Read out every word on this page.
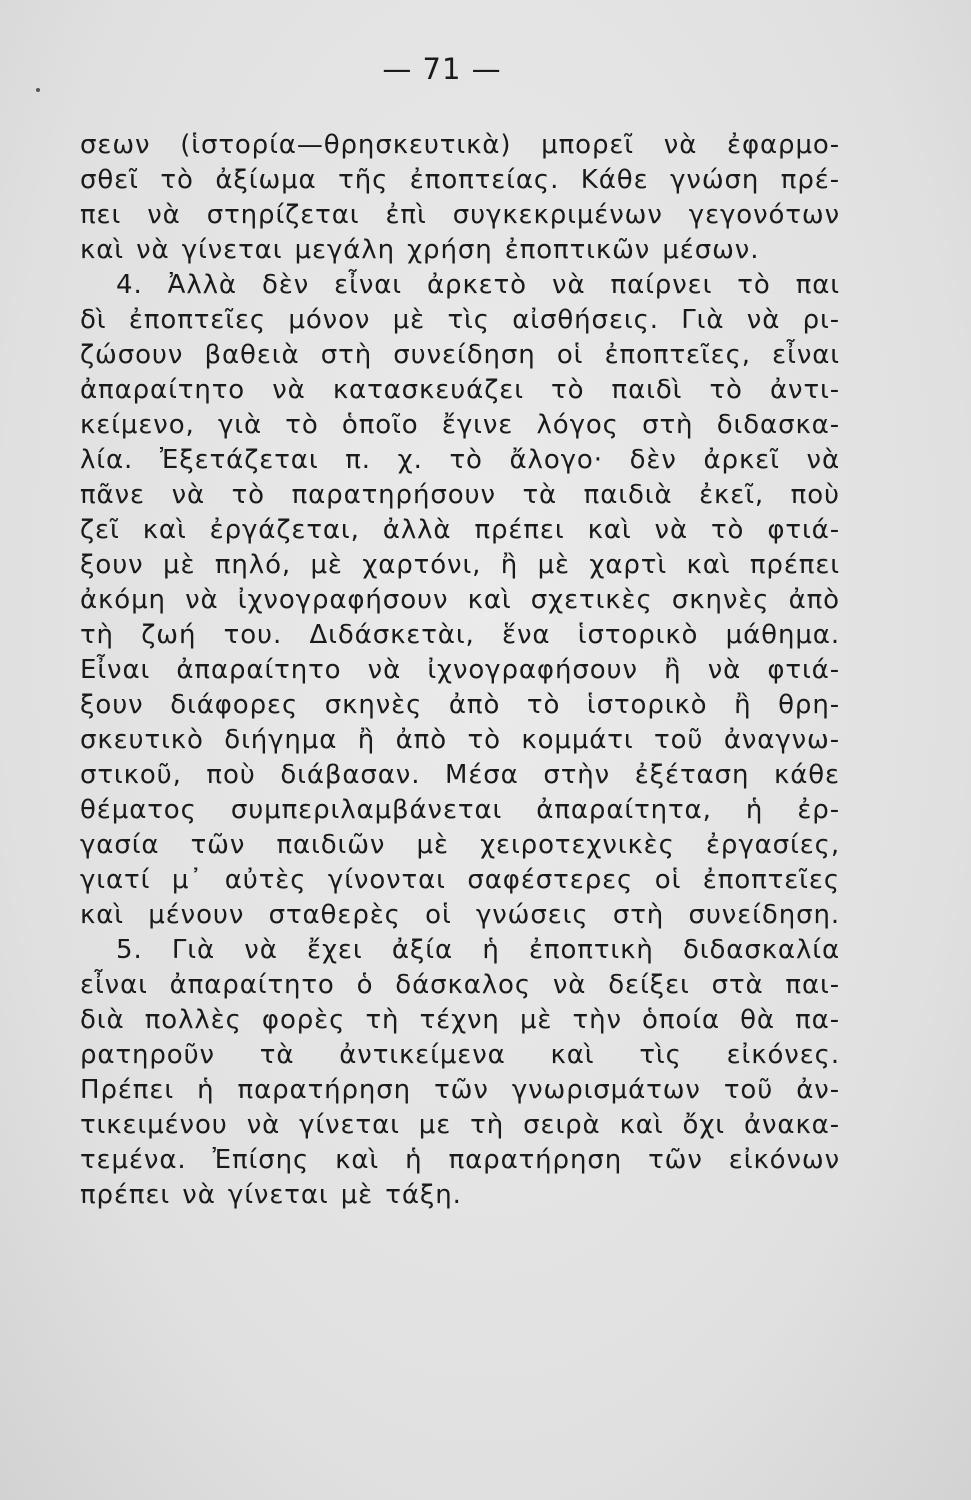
— 71 —
σεων (ἱστορία—θρησκευτικὰ) μπορεῖ νὰ ἐφαρμο-
σθεῖ τὸ ἀξίωμα τῆς ἐποπτείας. Κάθε γνώση πρέ-
πει νὰ στηρίζεται ἐπὶ συγκεκριμένων γεγονότων
καὶ νὰ γίνεται μεγάλη χρήση ἐποπτικῶν μέσων.
4. Ἀλλὰ δὲν εἶναι ἀρκετὸ νὰ παίρνει τὸ παι
δὶ ἐποπτεῖες μόνον μὲ τὶς αἰσθήσεις. Γιὰ νὰ ρι-
ζώσουν βαθειὰ στὴ συνείδηση οἱ ἐποπτεῖες, εἶναι
ἀπαραίτητο νὰ κατασκευάζει τὸ παιδὶ τὸ ἀντι-
κείμενο, γιὰ τὸ ὁποῖο ἔγινε λόγος στὴ διδασκα-
λία. Ἐξετάζεται π. χ. τὸ ἄλογο· δὲν ἀρκεῖ νὰ
πᾶνε νὰ τὸ παρατηρήσουν τὰ παιδιὰ ἐκεῖ, ποὺ
ζεῖ καὶ ἐργάζεται, ἀλλὰ πρέπει καὶ νὰ τὸ φτιά-
ξουν μὲ πηλό, μὲ χαρτόνι, ἢ μὲ χαρτὶ καὶ πρέπει
ἀκόμη νὰ ἰχνογραφήσουν καὶ σχετικὲς σκηνὲς ἀπὸ
τὴ ζωή του. Διδάσκετὰι, ἕνα ἱστορικὸ μάθημα.
Εἶναι ἀπαραίτητο νὰ ἰχνογραφήσουν ἢ νὰ φτιά-
ξουν διάφορες σκηνὲς ἀπὸ τὸ ἱστορικὸ ἢ θρη-
σκευτικὸ διήγημα ἢ ἀπὸ τὸ κομμάτι τοῦ ἀναγνω-
στικοῦ, ποὺ διάβασαν. Μέσα στὴν ἐξέταση κάθε
θέματος συμπεριλαμβάνεται ἀπαραίτητα, ἡ ἐρ-
γασία τῶν παιδιῶν μὲ χειροτεχνικὲς ἐργασίες,
γιατί μ᾽ αὐτὲς γίνονται σαφέστερες οἱ ἐποπτεῖες
καὶ μένουν σταθερὲς οἱ γνώσεις στὴ συνείδηση.
5. Γιὰ νὰ ἔχει ἀξία ἡ ἐποπτικὴ διδασκαλία
εἶναι ἀπαραίτητο ὁ δάσκαλος νὰ δείξει στὰ παι-
διὰ πολλὲς φορὲς τὴ τέχνη μὲ τὴν ὁποία θὰ πα-
ρατηροῦν τὰ ἀντικείμενα καὶ τὶς εἰκόνες.
Πρέπει ἡ παρατήρηση τῶν γνωρισμάτων τοῦ ἀν-
τικειμένου νὰ γίνεται με τὴ σειρὰ καὶ ὄχι ἀνακα-
τεμένα. Ἐπίσης καὶ ἡ παρατήρηση τῶν εἰκόνων
πρέπει νὰ γίνεται μὲ τάξη.
